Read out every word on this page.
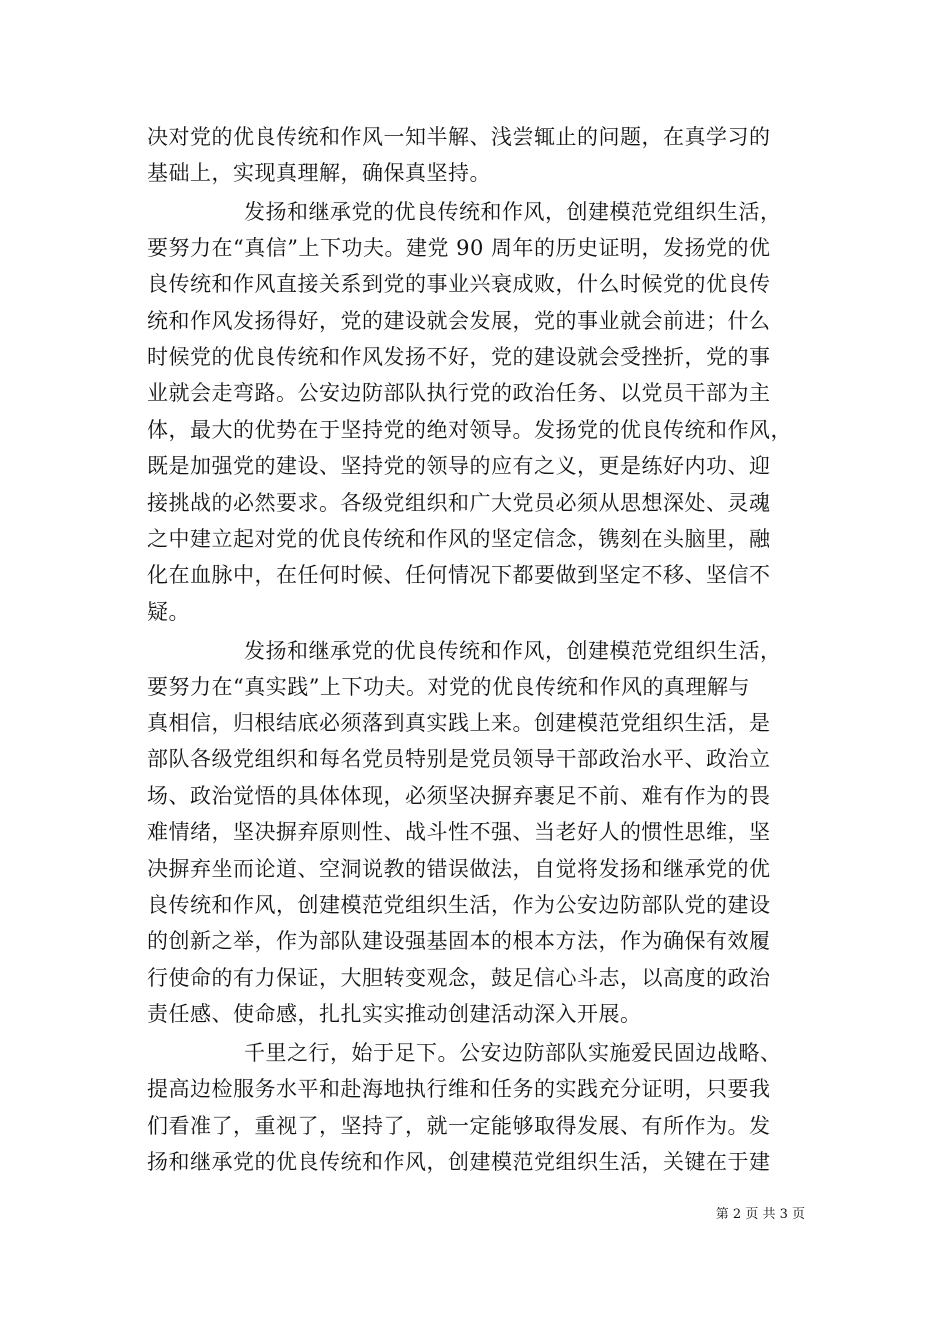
决对党的优良传统和作风一知半解、浅尝辄止的问题，在真学习的
基础上，实现真理解，确保真坚持。
发扬和继承党的优良传统和作风，创建模范党组织生活，
要努力在“真信”上下功夫。建党 90 周年的历史证明，发扬党的优
良传统和作风直接关系到党的事业兴衰成败，什么时候党的优良传
统和作风发扬得好，党的建设就会发展，党的事业就会前进；什么
时候党的优良传统和作风发扬不好，党的建设就会受挫折，党的事
业就会走弯路。公安边防部队执行党的政治任务、以党员干部为主
体，最大的优势在于坚持党的绝对领导。发扬党的优良传统和作风，
既是加强党的建设、坚持党的领导的应有之义，更是练好内功、迎
接挑战的必然要求。各级党组织和广大党员必须从思想深处、灵魂
之中建立起对党的优良传统和作风的坚定信念，镌刻在头脑里，融
化在血脉中，在任何时候、任何情况下都要做到坚定不移、坚信不
疑。
发扬和继承党的优良传统和作风，创建模范党组织生活，
要努力在“真实践”上下功夫。对党的优良传统和作风的真理解与
真相信，归根结底必须落到真实践上来。创建模范党组织生活，是
部队各级党组织和每名党员特别是党员领导干部政治水平、政治立
场、政治觉悟的具体体现，必须坚决摒弃裹足不前、难有作为的畏
难情绪，坚决摒弃原则性、战斗性不强、当老好人的惯性思维，坚
决摒弃坐而论道、空洞说教的错误做法，自觉将发扬和继承党的优
良传统和作风，创建模范党组织生活，作为公安边防部队党的建设
的创新之举，作为部队建设强基固本的根本方法，作为确保有效履
行使命的有力保证，大胆转变观念，鼓足信心斗志，以高度的政治
责任感、使命感，扎扎实实推动创建活动深入开展。
千里之行，始于足下。公安边防部队实施爱民固边战略、
提高边检服务水平和赴海地执行维和任务的实践充分证明，只要我
们看准了，重视了，坚持了，就一定能够取得发展、有所作为。发
扬和继承党的优良传统和作风，创建模范党组织生活，关键在于建
第 2 页 共 3 页
